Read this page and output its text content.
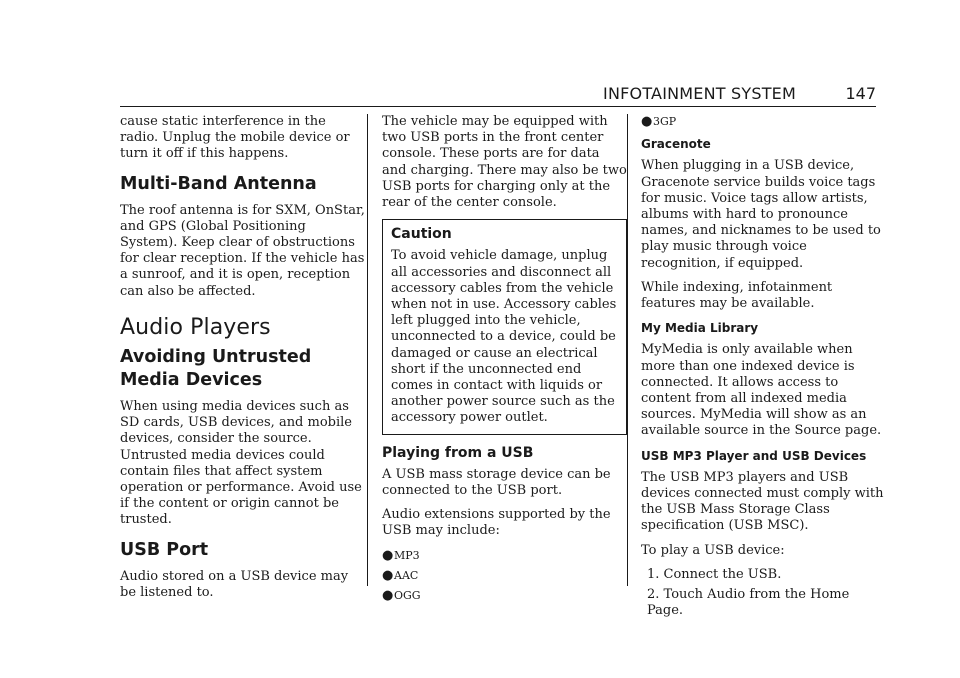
INFOTAINMENT SYSTEM	147

cause static interference in the radio. Unplug the mobile device or turn it off if this happens.

Multi-Band Antenna

The roof antenna is for SXM, OnStar, and GPS (Global Positioning System). Keep clear of obstructions for clear reception. If the vehicle has a sunroof, and it is open, reception can also be affected.

Audio Players
Avoiding Untrusted Media Devices

When using media devices such as SD cards, USB devices, and mobile devices, consider the source. Untrusted media devices could contain files that affect system operation or performance. Avoid use if the content or origin cannot be trusted.

USB Port

Audio stored on a USB device may be listened to.

The vehicle may be equipped with two USB ports in the front center console. These ports are for data and charging. There may also be two USB ports for charging only at the rear of the center console.

Caution
To avoid vehicle damage, unplug all accessories and disconnect all accessory cables from the vehicle when not in use. Accessory cables left plugged into the vehicle, unconnected to a device, could be damaged or cause an electrical short if the unconnected end comes in contact with liquids or another power source such as the accessory power outlet.
Playing from a USB

A USB mass storage device can be connected to the USB port.

Audio extensions supported by the USB may include:

●MP3
●AAC
●OGG
●3GP
Gracenote

When plugging in a USB device, Gracenote service builds voice tags for music. Voice tags allow artists, albums with hard to pronounce names, and nicknames to be used to play music through voice recognition, if equipped.

While indexing, infotainment features may be available.

My Media Library

MyMedia is only available when more than one indexed device is connected. It allows access to content from all indexed media sources. MyMedia will show as an available source in the Source page.

USB MP3 Player and USB Devices

The USB MP3 players and USB devices connected must comply with the USB Mass Storage Class specification (USB MSC).

To play a USB device:

1. Connect the USB.
2. Touch Audio from the Home Page.
